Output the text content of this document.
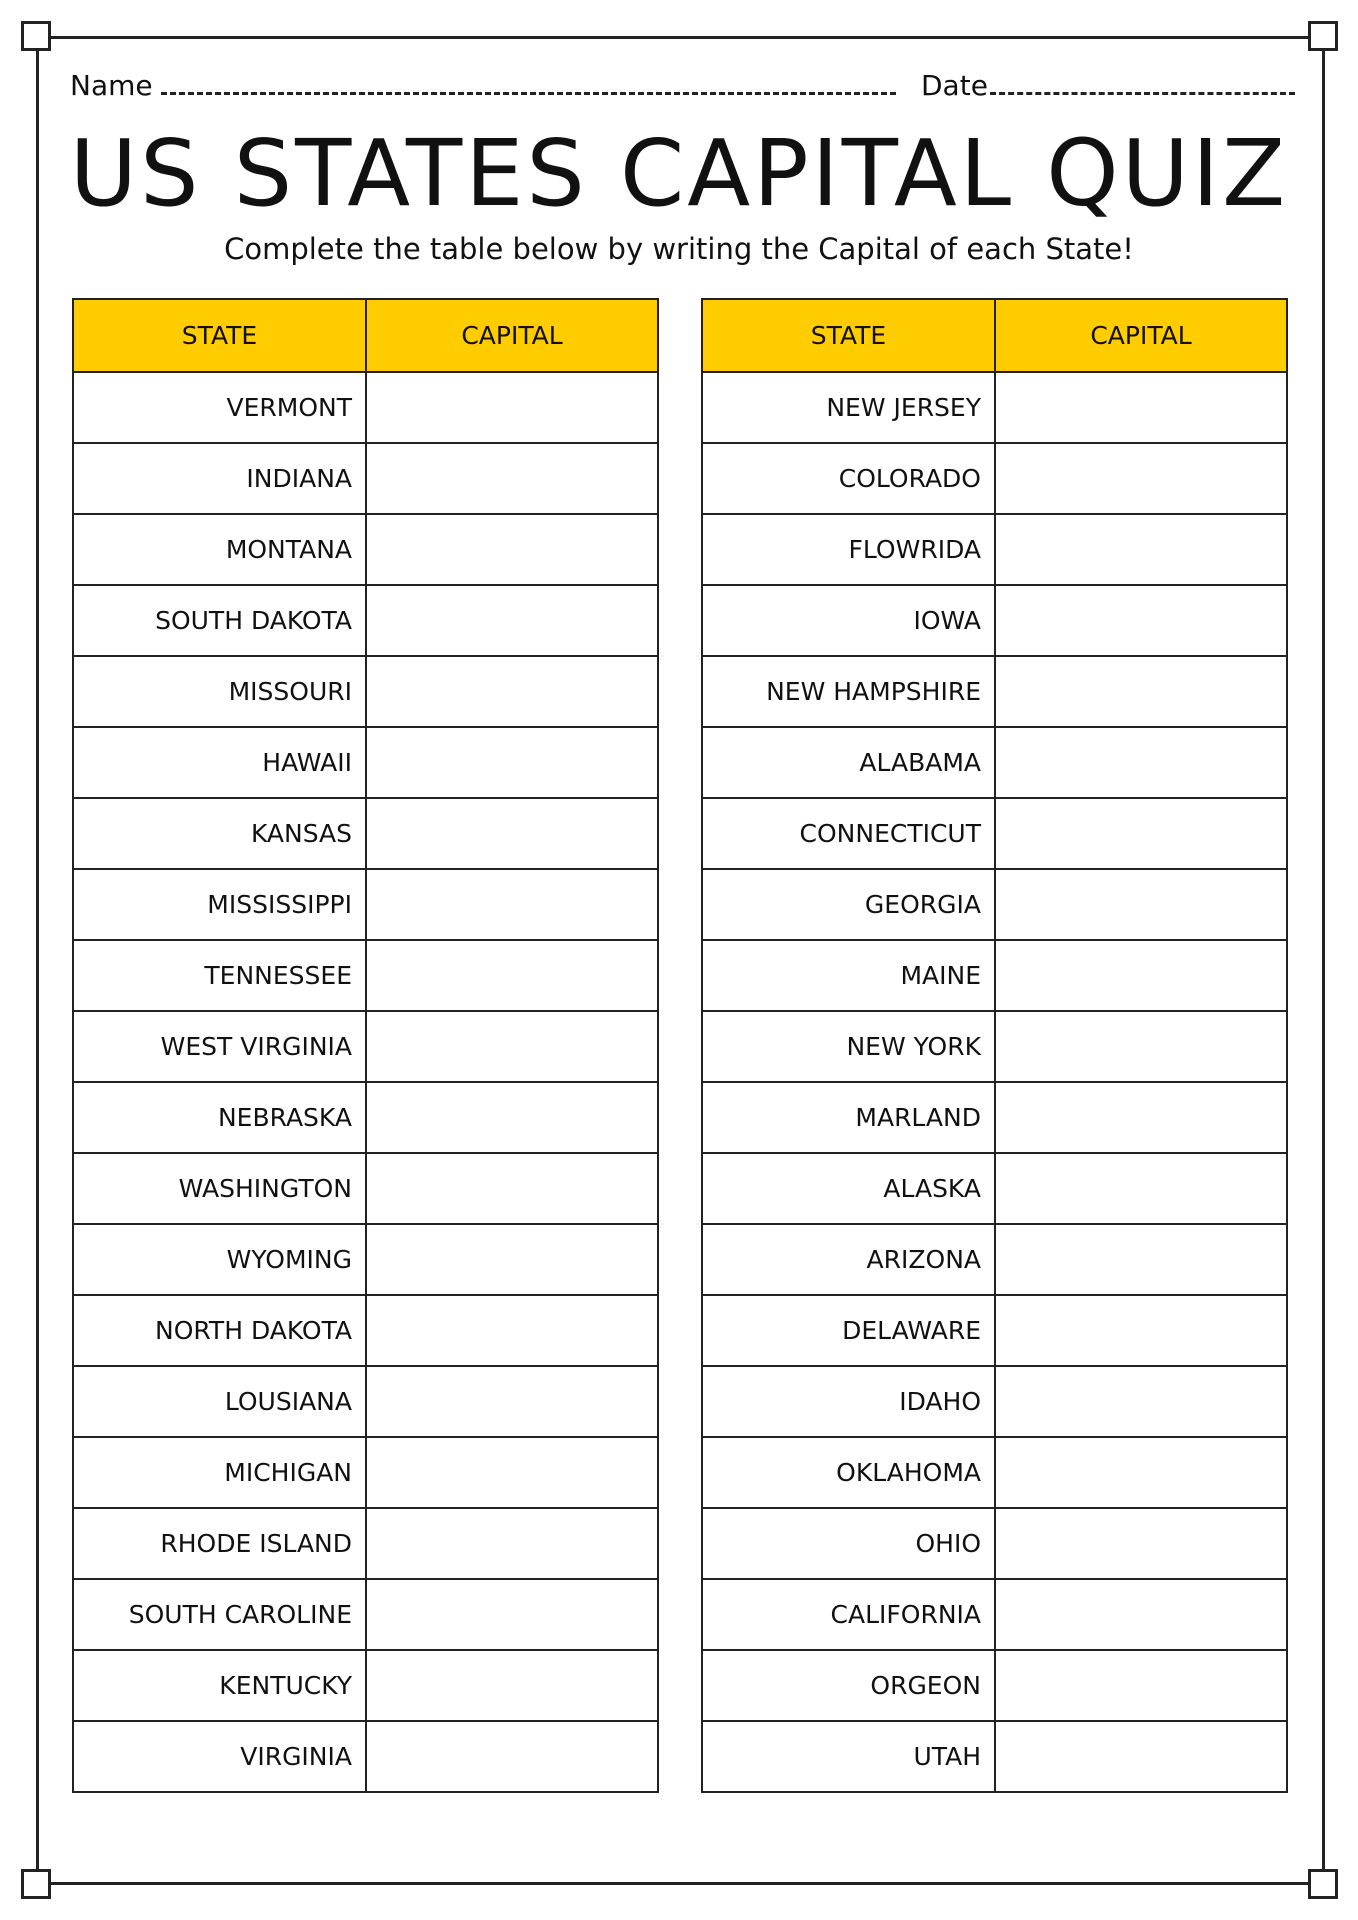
Name	Date
US STATES CAPITAL QUIZ
Complete the table below by writing the Capital of each State!
STATE	CAPITAL
VERMONT	
INDIANA	
MONTANA	
SOUTH DAKOTA	
MISSOURI	
HAWAII	
KANSAS	
MISSISSIPPI	
TENNESSEE	
WEST VIRGINIA	
NEBRASKA	
WASHINGTON	
WYOMING	
NORTH DAKOTA	
LOUSIANA	
MICHIGAN	
RHODE ISLAND	
SOUTH CAROLINE	
KENTUCKY	
VIRGINIA	
STATE	CAPITAL
NEW JERSEY	
COLORADO	
FLOWRIDA	
IOWA	
NEW HAMPSHIRE	
ALABAMA	
CONNECTICUT	
GEORGIA	
MAINE	
NEW YORK	
MARLAND	
ALASKA	
ARIZONA	
DELAWARE	
IDAHO	
OKLAHOMA	
OHIO	
CALIFORNIA	
ORGEON	
UTAH	
